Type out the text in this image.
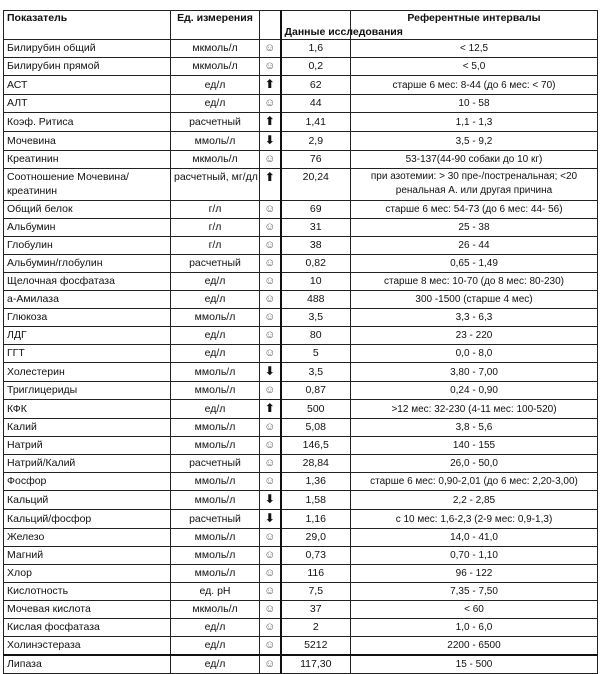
Показатель	Ед. измерения		Данные исследования	Референтные интервалы
Билирубин общий	мкмоль/л	☺	1,6	< 12,5
Билирубин прямой	мкмоль/л	☺	0,2	< 5,0
АСТ	ед/л	⬆	62	старше 6 мес: 8-44 (до 6 мес: < 70)
АЛТ	ед/л	☺	44	10 - 58
Коэф. Ритиса	расчетный	⬆	1,41	1,1 - 1,3
Мочевина	ммоль/л	⬇	2,9	3,5 - 9,2
Креатинин	мкмоль/л	☺	76	53-137(44-90 собаки до 10 кг)
Соотношение Мочевина/креатинин	расчетный, мг/дл	⬆	20,24	при азотемии: > 30 пре-/постренальная; <20 ренальная А. или другая причина
Общий белок	г/л	☺	69	старше 6 мес: 54-73 (до 6 мес: 44- 56)
Альбумин	г/л	☺	31	25 - 38
Глобулин	г/л	☺	38	26 - 44
Альбумин/глобулин	расчетный	☺	0,82	0,65 - 1,49
Щелочная фосфатаза	ед/л	☺	10	старше 8 мес: 10-70 (до 8 мес: 80-230)
а-Амилаза	ед/л	☺	488	300 -1500 (старше 4 мес)
Глюкоза	ммоль/л	☺	3,5	3,3 - 6,3
ЛДГ	ед/л	☺	80	23 - 220
ГГТ	ед/л	☺	5	0,0 - 8,0
Холестерин	ммоль/л	⬇	3,5	3,80 - 7,00
Триглицериды	ммоль/л	☺	0,87	0,24 - 0,90
КФК	ед/л	⬆	500	>12 мес: 32-230 (4-11 мес: 100-520)
Калий	ммоль/л	☺	5,08	3,8 - 5,6
Натрий	ммоль/л	☺	146,5	140 - 155
Натрий/Калий	расчетный	☺	28,84	26,0 - 50,0
Фосфор	ммоль/л	☺	1,36	старше 6 мес: 0,90-2,01 (до 6 мес: 2,20-3,00)
Кальций	ммоль/л	⬇	1,58	2,2 - 2,85
Кальций/фосфор	расчетный	⬇	1,16	с 10 мес: 1,6-2,3 (2-9 мес: 0,9-1,3)
Железо	ммоль/л	☺	29,0	14,0 - 41,0
Магний	ммоль/л	☺	0,73	0,70 - 1,10
Хлор	ммоль/л	☺	116	96 - 122
Кислотность	ед. pH	☺	7,5	7,35 - 7,50
Мочевая кислота	мкмоль/л	☺	37	< 60
Кислая фосфатаза	ед/л	☺	2	1,0 - 6,0
Холинэстераза	ед/л	☺	5212	2200 - 6500
Липаза	ед/л	☺	117,30	15 - 500
